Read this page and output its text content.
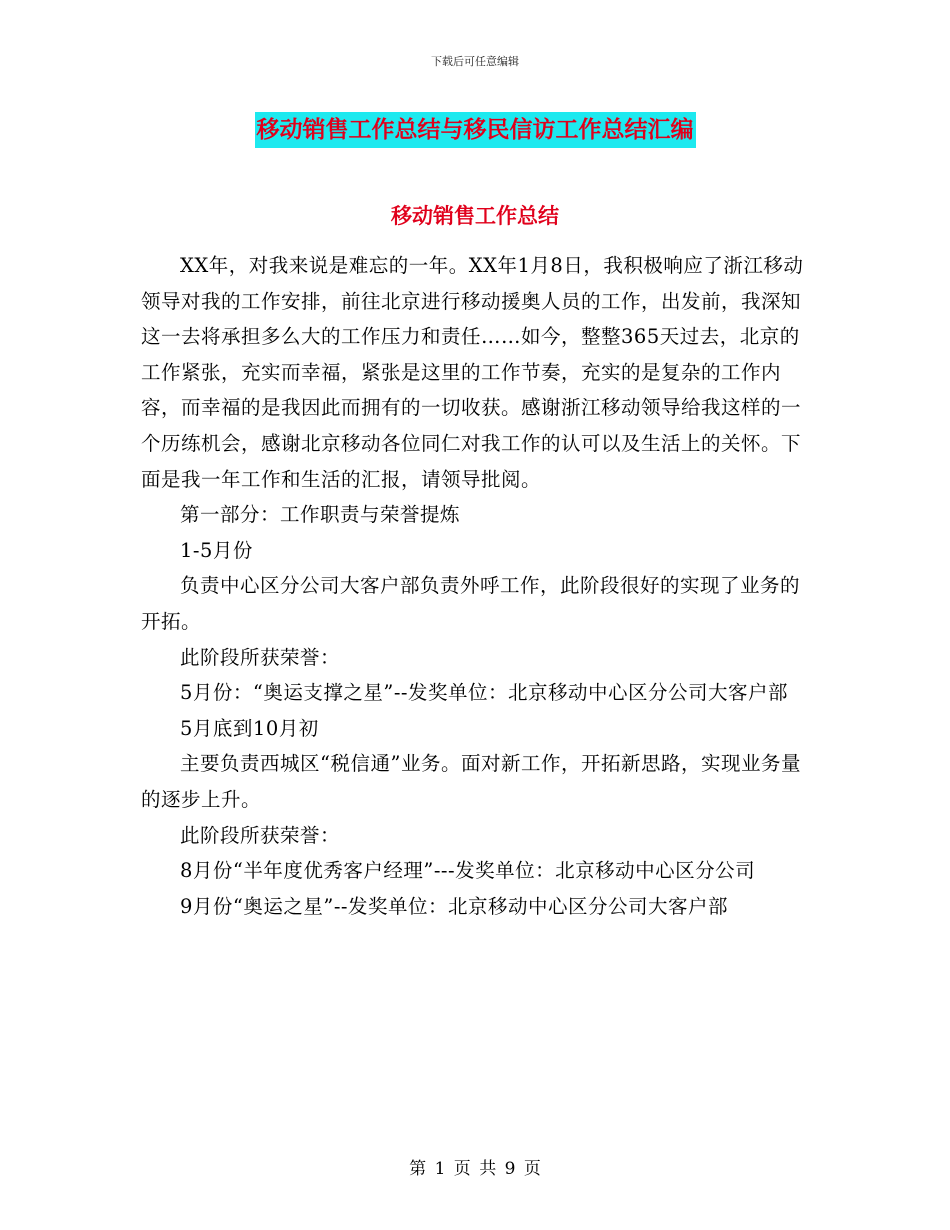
下载后可任意编辑
移动销售工作总结与移民信访工作总结汇编
移动销售工作总结

XX年，对我来说是难忘的一年。XX年1月8日，我积极响应了浙江移动领导对我的工作安排，前往北京进行移动援奥人员的工作，出发前，我深知这一去将承担多么大的工作压力和责任……如今，整整365天过去，北京的工作紧张，充实而幸福，紧张是这里的工作节奏，充实的是复杂的工作内容，而幸福的是我因此而拥有的一切收获。感谢浙江移动领导给我这样的一个历练机会，感谢北京移动各位同仁对我工作的认可以及生活上的关怀。下面是我一年工作和生活的汇报，请领导批阅。

第一部分：工作职责与荣誉提炼

1-5月份

负责中心区分公司大客户部负责外呼工作，此阶段很好的实现了业务的开拓。

此阶段所获荣誉：

5月份：“奥运支撑之星”--发奖单位：北京移动中心区分公司大客户部

5月底到10月初

主要负责西城区“税信通”业务。面对新工作，开拓新思路，实现业务量的逐步上升。

此阶段所获荣誉：

8月份“半年度优秀客户经理”---发奖单位：北京移动中心区分公司

9月份“奥运之星”--发奖单位：北京移动中心区分公司大客户部

第 1 页 共 9 页
